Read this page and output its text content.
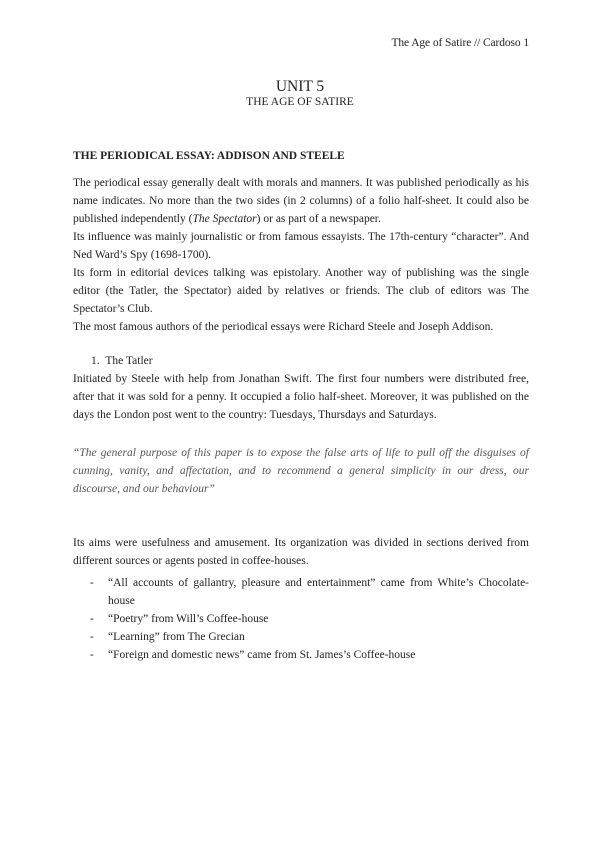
The Age of Satire // Cardoso 1
UNIT 5
THE AGE OF SATIRE
THE PERIODICAL ESSAY: ADDISON AND STEELE

The periodical essay generally dealt with morals and manners. It was published periodically as his name indicates. No more than the two sides (in 2 columns) of a folio half-sheet. It could also be published independently (The Spectator) or as part of a newspaper.

Its influence was mainly journalistic or from famous essayists. The 17th-century “character”. And Ned Ward’s Spy (1698-1700).

Its form in editorial devices talking was epistolary. Another way of publishing was the single editor (the Tatler, the Spectator) aided by relatives or friends. The club of editors was The Spectator’s Club.

The most famous authors of the periodical essays were Richard Steele and Joseph Addison.

1. The Tatler

Initiated by Steele with help from Jonathan Swift. The first four numbers were distributed free, after that it was sold for a penny. It occupied a folio half-sheet. Moreover, it was published on the days the London post went to the country: Tuesdays, Thursdays and Saturdays.

“The general purpose of this paper is to expose the false arts of life to pull off the disguises of cunning, vanity, and affectation, and to recommend a general simplicity in our dress, our discourse, and our behaviour”

Its aims were usefulness and amusement. Its organization was divided in sections derived from different sources or agents posted in coffee-houses.

- “All accounts of gallantry, pleasure and entertainment” came from White’s Chocolate-house
- “Poetry” from Will’s Coffee-house
- “Learning” from The Grecian
- “Foreign and domestic news” came from St. James’s Coffee-house
